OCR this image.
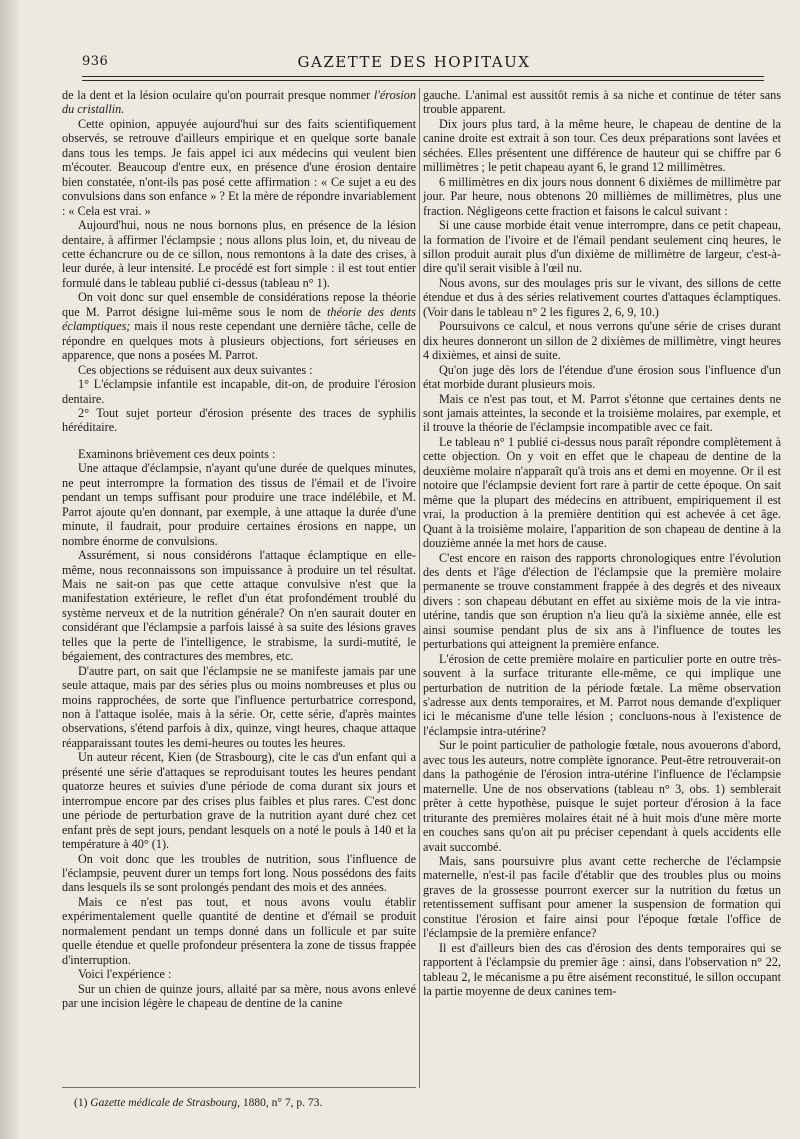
936	GAZETTE DES HOPITAUX

de la dent et la lésion oculaire qu'on pourrait presque nommer l'érosion du cristallin.

Cette opinion, appuyée aujourd'hui sur des faits scientifiquement observés, se retrouve d'ailleurs empirique et en quelque sorte banale dans tous les temps. Je fais appel ici aux médecins qui veulent bien m'écouter. Beaucoup d'entre eux, en présence d'une érosion dentaire bien constatée, n'ont-ils pas posé cette affirmation : « Ce sujet a eu des convulsions dans son enfance » ? Et la mère de répondre invariablement : « Cela est vrai. »

Aujourd'hui, nous ne nous bornons plus, en présence de la lésion dentaire, à affirmer l'éclampsie ; nous allons plus loin, et, du niveau de cette échancrure ou de ce sillon, nous remontons à la date des crises, à leur durée, à leur intensité. Le procédé est fort simple : il est tout entier formulé dans le tableau publié ci-dessus (tableau n° 1).

On voit donc sur quel ensemble de considérations repose la théorie que M. Parrot désigne lui-même sous le nom de théorie des dents éclamptiques; mais il nous reste cependant une dernière tâche, celle de répondre en quelques mots à plusieurs objections, fort sérieuses en apparence, que nons a posées M. Parrot.

Ces objections se réduisent aux deux suivantes :

1° L'éclampsie infantile est incapable, dit-on, de produire l'érosion dentaire.

2° Tout sujet porteur d'érosion présente des traces de syphilis héréditaire.

Examinons brièvement ces deux points :

Une attaque d'éclampsie, n'ayant qu'une durée de quelques minutes, ne peut interrompre la formation des tissus de l'émail et de l'ivoire pendant un temps suffisant pour produire une trace indélébile, et M. Parrot ajoute qu'en donnant, par exemple, à une attaque la durée d'une minute, il faudrait, pour produire certaines érosions en nappe, un nombre énorme de convulsions.

Assurément, si nous considérons l'attaque éclamptique en elle-même, nous reconnaissons son impuissance à produire un tel résultat. Mais ne sait-on pas que cette attaque convulsive n'est que la manifestation extérieure, le reflet d'un état profondément troublé du système nerveux et de la nutrition générale? On n'en saurait douter en considérant que l'éclampsie a parfois laissé à sa suite des lésions graves telles que la perte de l'intelligence, le strabisme, la surdi-mutité, le bégaiement, des contractures des membres, etc.

D'autre part, on sait que l'éclampsie ne se manifeste jamais par une seule attaque, mais par des séries plus ou moins nombreuses et plus ou moins rapprochées, de sorte que l'influence perturbatrice correspond, non à l'attaque isolée, mais à la série. Or, cette série, d'après maintes observations, s'étend parfois à dix, quinze, vingt heures, chaque attaque réapparaissant toutes les demi-heures ou toutes les heures.

Un auteur récent, Kien (de Strasbourg), cite le cas d'un enfant qui a présenté une série d'attaques se reproduisant toutes les heures pendant quatorze heures et suivies d'une période de coma durant six jours et interrompue encore par des crises plus faibles et plus rares. C'est donc une période de perturbation grave de la nutrition ayant duré chez cet enfant près de sept jours, pendant lesquels on a noté le pouls à 140 et la température à 40° (1).

On voit donc que les troubles de nutrition, sous l'influence de l'éclampsie, peuvent durer un temps fort long. Nous possédons des faits dans lesquels ils se sont prolongés pendant des mois et des années.

Mais ce n'est pas tout, et nous avons voulu établir expérimentalement quelle quantité de dentine et d'émail se produit normalement pendant un temps donné dans un follicule et par suite quelle étendue et quelle profondeur présentera la zone de tissus frappée d'interruption.

Voici l'expérience :

Sur un chien de quinze jours, allaité par sa mère, nous avons enlevé par une incision légère le chapeau de dentine de la canine

gauche. L'animal est aussitôt remis à sa niche et continue de téter sans trouble apparent.

Dix jours plus tard, à la même heure, le chapeau de dentine de la canine droite est extrait à son tour. Ces deux préparations sont lavées et séchées. Elles présentent une différence de hauteur qui se chiffre par 6 millimètres ; le petit chapeau ayant 6, le grand 12 millimètres.

6 millimètres en dix jours nous donnent 6 dixièmes de millimètre par jour. Par heure, nous obtenons 20 millièmes de millimètres, plus une fraction. Négligeons cette fraction et faisons le calcul suivant :

Si une cause morbide était venue interrompre, dans ce petit chapeau, la formation de l'ivoire et de l'émail pendant seulement cinq heures, le sillon produit aurait plus d'un dixième de millimètre de largeur, c'est-à-dire qu'il serait visible à l'œil nu.

Nous avons, sur des moulages pris sur le vivant, des sillons de cette étendue et dus à des séries relativement courtes d'attaques éclamptiques. (Voir dans le tableau n° 2 les figures 2, 6, 9, 10.)

Poursuivons ce calcul, et nous verrons qu'une série de crises durant dix heures donneront un sillon de 2 dixièmes de millimètre, vingt heures 4 dixièmes, et ainsi de suite.

Qu'on juge dès lors de l'étendue d'une érosion sous l'influence d'un état morbide durant plusieurs mois.

Mais ce n'est pas tout, et M. Parrot s'étonne que certaines dents ne sont jamais atteintes, la seconde et la troisième molaires, par exemple, et il trouve la théorie de l'éclampsie incompatible avec ce fait.

Le tableau n° 1 publié ci-dessus nous paraît répondre complètement à cette objection. On y voit en effet que le chapeau de dentine de la deuxième molaire n'apparaît qu'à trois ans et demi en moyenne. Or il est notoire que l'éclampsie devient fort rare à partir de cette époque. On sait même que la plupart des médecins en attribuent, empiriquement il est vrai, la production à la première dentition qui est achevée à cet âge. Quant à la troisième molaire, l'apparition de son chapeau de dentine à la douzième année la met hors de cause.

C'est encore en raison des rapports chronologiques entre l'évolution des dents et l'âge d'élection de l'éclampsie que la première molaire permanente se trouve constamment frappée à des degrés et des niveaux divers : son chapeau débutant en effet au sixième mois de la vie intra-utérine, tandis que son éruption n'a lieu qu'à la sixième année, elle est ainsi soumise pendant plus de six ans à l'influence de toutes les perturbations qui atteignent la première enfance.

L'érosion de cette première molaire en particulier porte en outre très-souvent à la surface triturante elle-même, ce qui implique une perturbation de nutrition de la période fœtale. La même observation s'adresse aux dents temporaires, et M. Parrot nous demande d'expliquer ici le mécanisme d'une telle lésion ; concluons-nous à l'existence de l'éclampsie intra-utérine?

Sur le point particulier de pathologie fœtale, nous avouerons d'abord, avec tous les auteurs, notre complète ignorance. Peut-être retrouverait-on dans la pathogénie de l'érosion intra-utérine l'influence de l'éclampsie maternelle. Une de nos observations (tableau n° 3, obs. 1) semblerait prêter à cette hypothèse, puisque le sujet porteur d'érosion à la face triturante des premières molaires était né à huit mois d'une mère morte en couches sans qu'on ait pu préciser cependant à quels accidents elle avait succombé.

Mais, sans poursuivre plus avant cette recherche de l'éclampsie maternelle, n'est-il pas facile d'établir que des troubles plus ou moins graves de la grossesse pourront exercer sur la nutrition du fœtus un retentissement suffisant pour amener la suspension de formation qui constitue l'érosion et faire ainsi pour l'époque fœtale l'office de l'éclampsie de la première enfance?

Il est d'ailleurs bien des cas d'érosion des dents temporaires qui se rapportent à l'éclampsie du premier âge : ainsi, dans l'observation n° 22, tableau 2, le mécanisme a pu être aisément reconstitué, le sillon occupant la partie moyenne de deux canines tem-

(1) Gazette médicale de Strasbourg, 1880, n° 7, p. 73.
